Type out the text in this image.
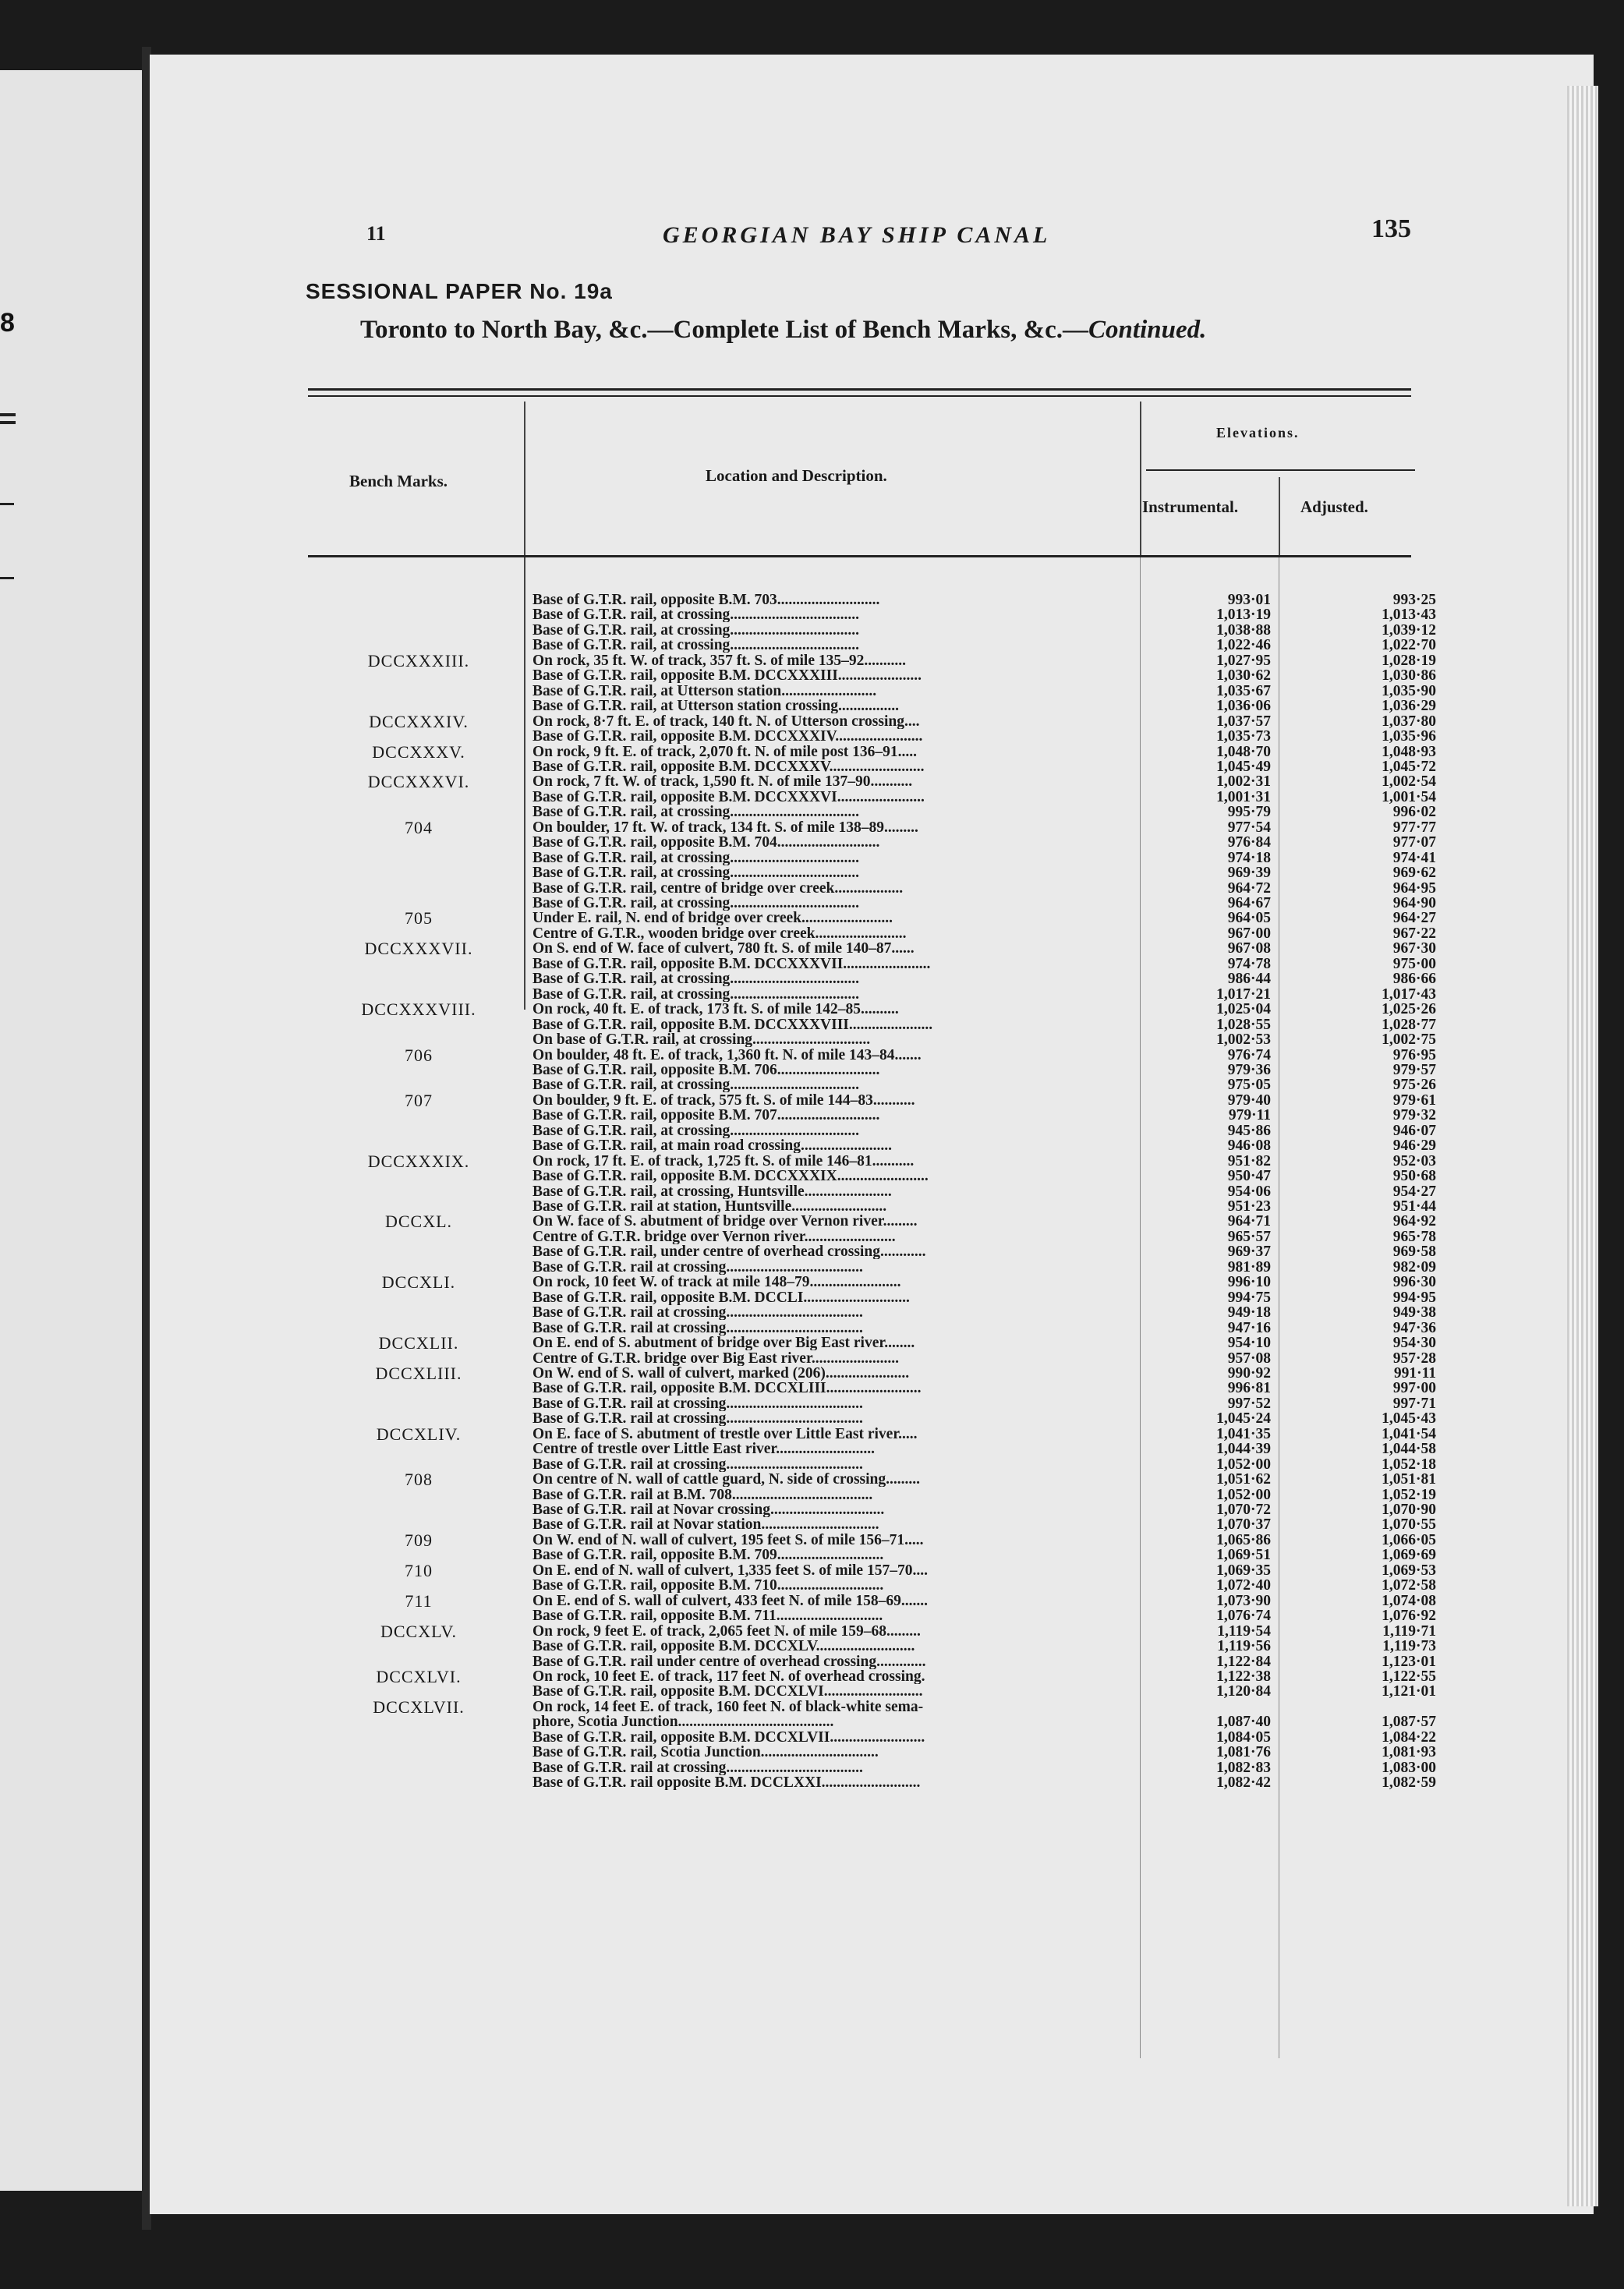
8
11	GEORGIAN BAY SHIP CANAL	135
SESSIONAL PAPER No. 19a
Toronto to North Bay, &c.—Complete List of Bench Marks, &c.—Continued.
Bench Marks.	Location and Description.
Elevations.
Instrumental.	Adjusted.
Base of G.T.R. rail, opposite B.M. 703...........................	993·01	993·25
Base of G.T.R. rail, at crossing..................................	1,013·19	1,013·43
Base of G.T.R. rail, at crossing..................................	1,038·88	1,039·12
Base of G.T.R. rail, at crossing..................................	1,022·46	1,022·70
DCCXXXIII.	On rock, 35 ft. W. of track, 357 ft. S. of mile 135–92...........	1,027·95	1,028·19
Base of G.T.R. rail, opposite B.M. DCCXXXIII......................	1,030·62	1,030·86
Base of G.T.R. rail, at Utterson station.........................	1,035·67	1,035·90
Base of G.T.R. rail, at Utterson station crossing................	1,036·06	1,036·29
DCCXXXIV.	On rock, 8·7 ft. E. of track, 140 ft. N. of Utterson crossing....	1,037·57	1,037·80
Base of G.T.R. rail, opposite B.M. DCCXXXIV.......................	1,035·73	1,035·96
DCCXXXV.	On rock, 9 ft. E. of track, 2,070 ft. N. of mile post 136–91.....	1,048·70	1,048·93
Base of G.T.R. rail, opposite B.M. DCCXXXV.........................	1,045·49	1,045·72
DCCXXXVI.	On rock, 7 ft. W. of track, 1,590 ft. N. of mile 137–90...........	1,002·31	1,002·54
Base of G.T.R. rail, opposite B.M. DCCXXXVI.......................	1,001·31	1,001·54
Base of G.T.R. rail, at crossing..................................	995·79	996·02
704	On boulder, 17 ft. W. of track, 134 ft. S. of mile 138–89.........	977·54	977·77
Base of G.T.R. rail, opposite B.M. 704...........................	976·84	977·07
Base of G.T.R. rail, at crossing..................................	974·18	974·41
Base of G.T.R. rail, at crossing..................................	969·39	969·62
Base of G.T.R. rail, centre of bridge over creek..................	964·72	964·95
Base of G.T.R. rail, at crossing..................................	964·67	964·90
705	Under E. rail, N. end of bridge over creek........................	964·05	964·27
Centre of G.T.R., wooden bridge over creek........................	967·00	967·22
DCCXXXVII.	On S. end of W. face of culvert, 780 ft. S. of mile 140–87......	967·08	967·30
Base of G.T.R. rail, opposite B.M. DCCXXXVII.......................	974·78	975·00
Base of G.T.R. rail, at crossing..................................	986·44	986·66
Base of G.T.R. rail, at crossing..................................	1,017·21	1,017·43
DCCXXXVIII.	On rock, 40 ft. E. of track, 173 ft. S. of mile 142–85..........	1,025·04	1,025·26
Base of G.T.R. rail, opposite B.M. DCCXXXVIII......................	1,028·55	1,028·77
On base of G.T.R. rail, at crossing...............................	1,002·53	1,002·75
706	On boulder, 48 ft. E. of track, 1,360 ft. N. of mile 143–84.......	976·74	976·95
Base of G.T.R. rail, opposite B.M. 706...........................	979·36	979·57
Base of G.T.R. rail, at crossing..................................	975·05	975·26
707	On boulder, 9 ft. E. of track, 575 ft. S. of mile 144–83...........	979·40	979·61
Base of G.T.R. rail, opposite B.M. 707...........................	979·11	979·32
Base of G.T.R. rail, at crossing..................................	945·86	946·07
Base of G.T.R. rail, at main road crossing........................	946·08	946·29
DCCXXXIX.	On rock, 17 ft. E. of track, 1,725 ft. S. of mile 146–81...........	951·82	952·03
Base of G.T.R. rail, opposite B.M. DCCXXXIX........................	950·47	950·68
Base of G.T.R. rail, at crossing, Huntsville.......................	954·06	954·27
Base of G.T.R. rail at station, Huntsville.........................	951·23	951·44
DCCXL.	On W. face of S. abutment of bridge over Vernon river.........	964·71	964·92
Centre of G.T.R. bridge over Vernon river........................	965·57	965·78
Base of G.T.R. rail, under centre of overhead crossing............	969·37	969·58
Base of G.T.R. rail at crossing....................................	981·89	982·09
DCCXLI.	On rock, 10 feet W. of track at mile 148–79........................	996·10	996·30
Base of G.T.R. rail, opposite B.M. DCCLI............................	994·75	994·95
Base of G.T.R. rail at crossing....................................	949·18	949·38
Base of G.T.R. rail at crossing....................................	947·16	947·36
DCCXLII.	On E. end of S. abutment of bridge over Big East river........	954·10	954·30
Centre of G.T.R. bridge over Big East river.......................	957·08	957·28
DCCXLIII.	On W. end of S. wall of culvert, marked (206)......................	990·92	991·11
Base of G.T.R. rail, opposite B.M. DCCXLIII.........................	996·81	997·00
Base of G.T.R. rail at crossing....................................	997·52	997·71
Base of G.T.R. rail at crossing....................................	1,045·24	1,045·43
DCCXLIV.	On E. face of S. abutment of trestle over Little East river.....	1,041·35	1,041·54
Centre of trestle over Little East river..........................	1,044·39	1,044·58
Base of G.T.R. rail at crossing....................................	1,052·00	1,052·18
708	On centre of N. wall of cattle guard, N. side of crossing.........	1,051·62	1,051·81
Base of G.T.R. rail at B.M. 708.....................................	1,052·00	1,052·19
Base of G.T.R. rail at Novar crossing..............................	1,070·72	1,070·90
Base of G.T.R. rail at Novar station...............................	1,070·37	1,070·55
709	On W. end of N. wall of culvert, 195 feet S. of mile 156–71.....	1,065·86	1,066·05
Base of G.T.R. rail, opposite B.M. 709............................	1,069·51	1,069·69
710	On E. end of N. wall of culvert, 1,335 feet S. of mile 157–70....	1,069·35	1,069·53
Base of G.T.R. rail, opposite B.M. 710............................	1,072·40	1,072·58
711	On E. end of S. wall of culvert, 433 feet N. of mile 158–69.......	1,073·90	1,074·08
Base of G.T.R. rail, opposite B.M. 711............................	1,076·74	1,076·92
DCCXLV.	On rock, 9 feet E. of track, 2,065 feet N. of mile 159–68.........	1,119·54	1,119·71
Base of G.T.R. rail, opposite B.M. DCCXLV..........................	1,119·56	1,119·73
Base of G.T.R. rail under centre of overhead crossing.............	1,122·84	1,123·01
DCCXLVI.	On rock, 10 feet E. of track, 117 feet N. of overhead crossing.	1,122·38	1,122·55
Base of G.T.R. rail, opposite B.M. DCCXLVI..........................	1,120·84	1,121·01
DCCXLVII.	On rock, 14 feet E. of track, 160 feet N. of black-white sema-
phore, Scotia Junction.........................................	1,087·40	1,087·57
Base of G.T.R. rail, opposite B.M. DCCXLVII.........................	1,084·05	1,084·22
Base of G.T.R. rail, Scotia Junction...............................	1,081·76	1,081·93
Base of G.T.R. rail at crossing....................................	1,082·83	1,083·00
Base of G.T.R. rail opposite B.M. DCCLXXI..........................	1,082·42	1,082·59
